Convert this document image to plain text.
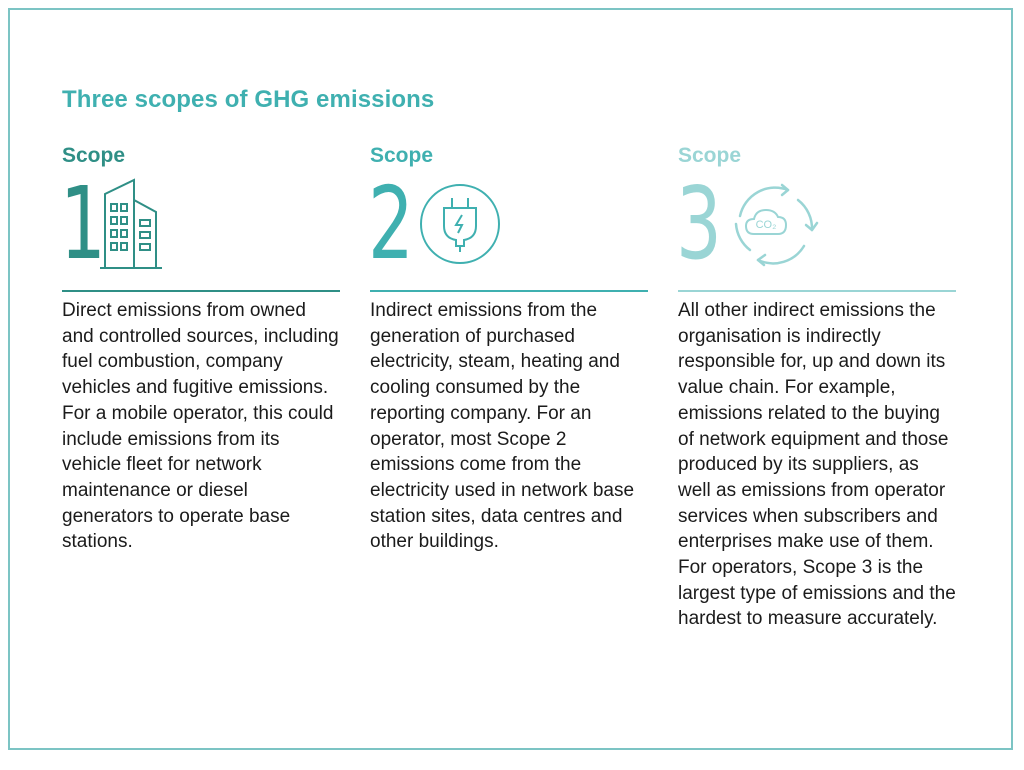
Three scopes of GHG emissions
Scope
1
Direct emissions from owned and controlled sources, including fuel combustion, company vehicles and fugitive emissions. For a mobile operator, this could include emissions from its vehicle fleet for network maintenance or diesel generators to operate base stations.
Scope
2
Indirect emissions from the generation of purchased electricity, steam, heating and cooling consumed by the reporting company. For an operator, most Scope 2 emissions come from the electricity used in network base station sites, data centres and other buildings.
Scope
3	CO₂
All other indirect emissions the organisation is indirectly responsible for, up and down its value chain. For example, emissions related to the buying of network equipment and those produced by its suppliers, as well as emissions from operator services when subscribers and enterprises make use of them. For operators, Scope 3 is the largest type of emissions and the hardest to measure accurately.
